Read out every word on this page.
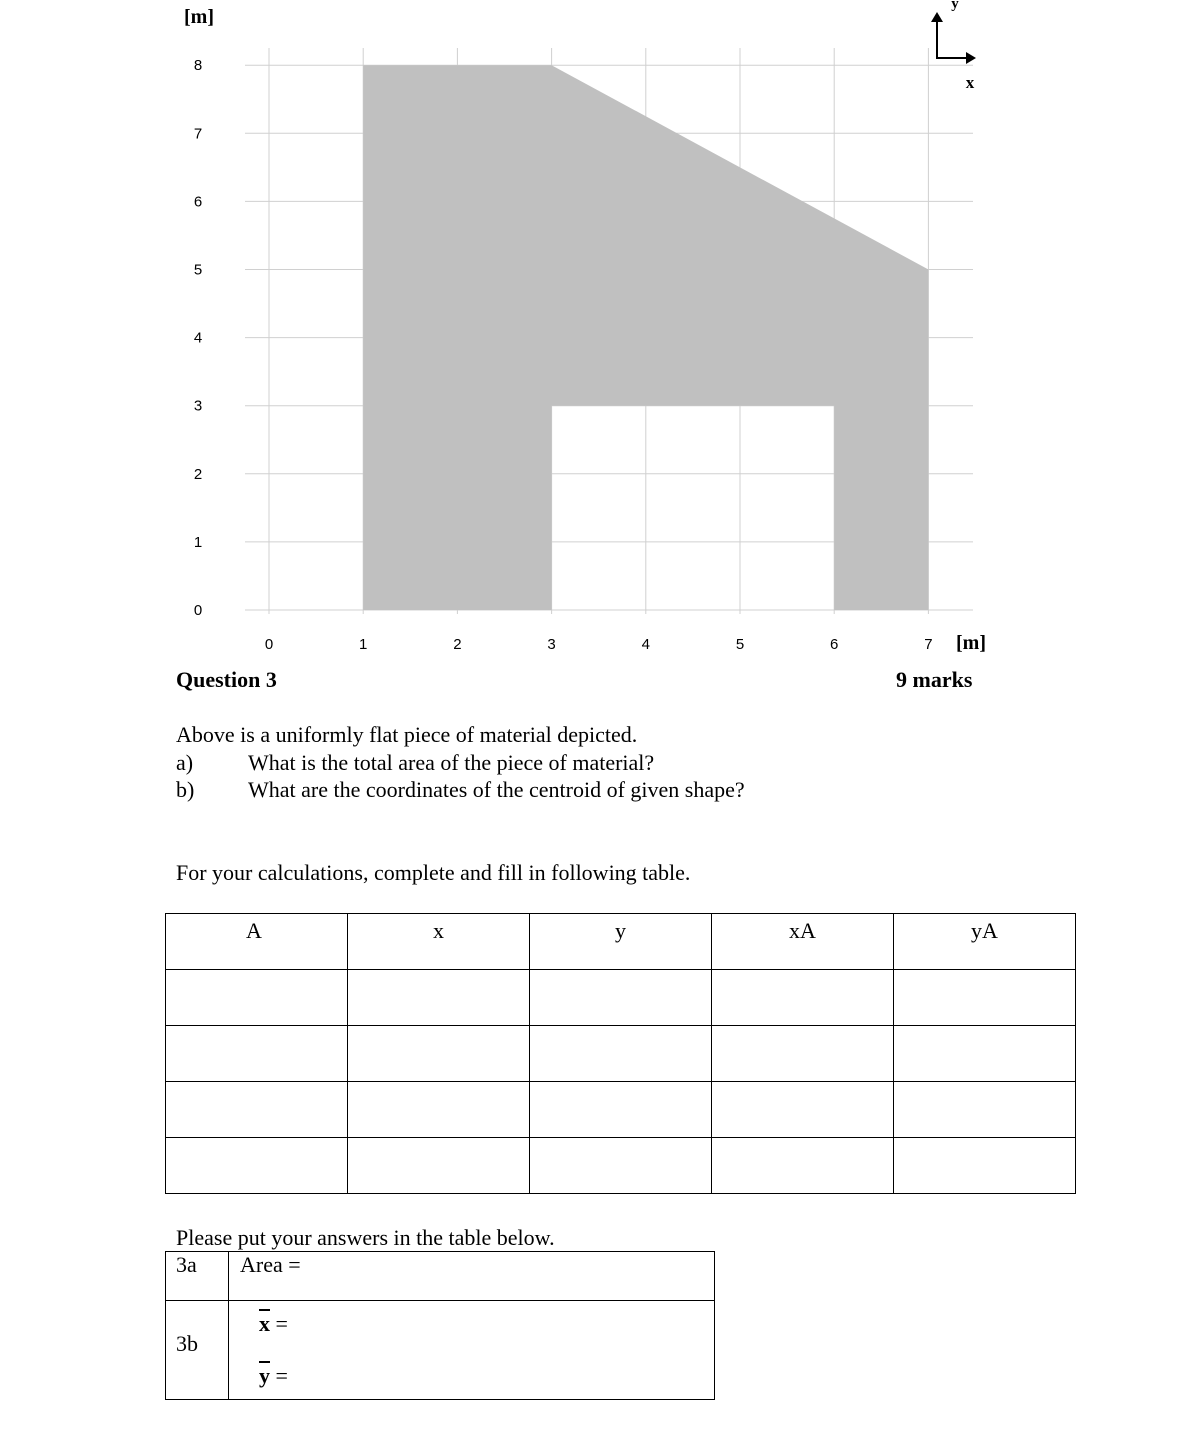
0
1
2
3
4
5
6
7
8
0	1	2	3	4	5	6	7
[m]
[m]
y
x
Question 3	9 marks
Above is a uniformly flat piece of material depicted.
a) What is the total area of the piece of material?
b) What are the coordinates of the centroid of given shape?
For your calculations, complete and fill in following table.
A	x	y	xA	yA

Please put your answers in the table below.
3a	Area =
3b	$\overline{x}$ =
$\overline{y}$ =
